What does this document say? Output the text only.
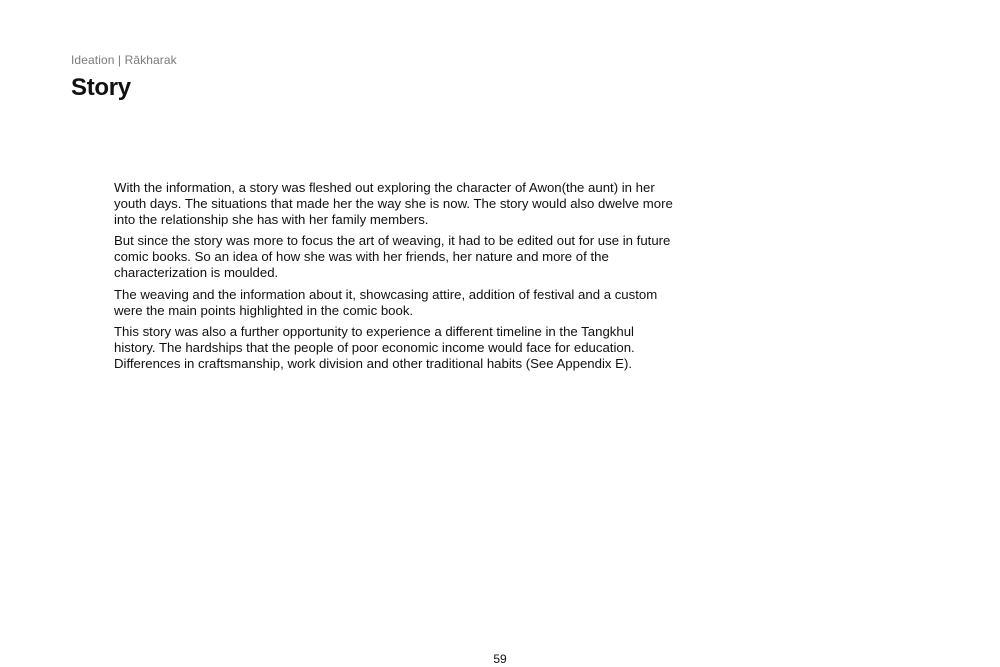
Ideation | Rākharak
Story

With the information, a story was fleshed out exploring the character of Awon(the aunt) in her youth days. The situations that made her the way she is now. The story would also dwelve more into the relationship she has with her family members.

But since the story was more to focus the art of weaving, it had to be edited out for use in future comic books. So an idea of how she was with her friends, her nature and more of the characterization is moulded.

The weaving and the information about it, showcasing attire, addition of festival and a custom were the main points highlighted in the comic book.

This story was also a further opportunity to experience a different timeline in the Tangkhul history. The hardships that the people of poor economic income would face for education. Differences in craftsmanship, work division and other traditional habits (See Appendix E).

59
